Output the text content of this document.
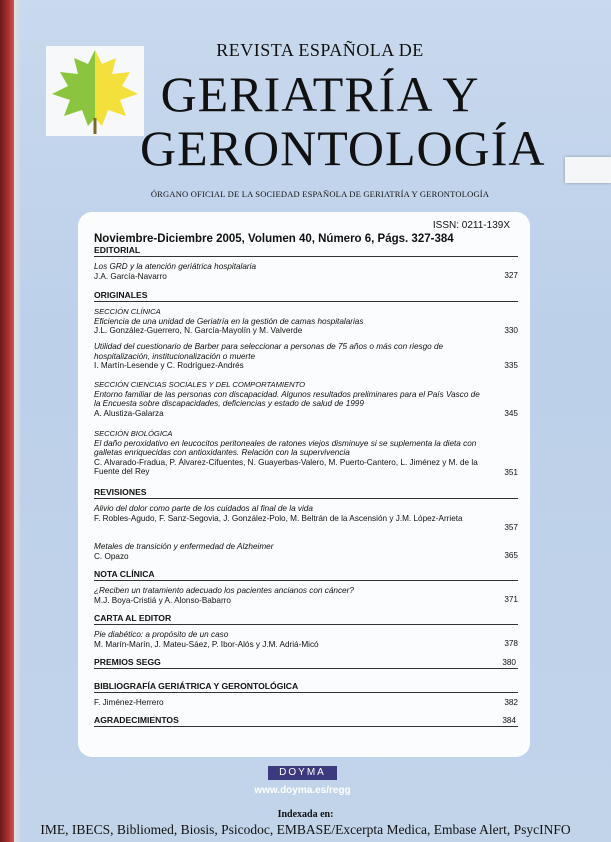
REVISTA ESPAÑOLA DE
GERIATRÍA Y
GERONTOLOGÍA
ÓRGANO OFICIAL DE LA SOCIEDAD ESPAÑOLA DE GERIATRÍA Y GERONTOLOGÍA
ISSN: 0211-139X
Noviembre-Diciembre 2005, Volumen 40, Número 6, Págs. 327-384
EDITORIAL
Los GRD y la atención geriátrica hospitalaria
J.A. García-Navarro	327
ORIGINALES
SECCIÓN CLÍNICA
Eficiencia de una unidad de Geriatría en la gestión de camas hospitalarias
J.L. González-Guerrero, N. García-Mayolín y M. Valverde	330
Utilidad del cuestionario de Barber para seleccionar a personas de 75 años o más con riesgo de hospitalización, institucionalización o muerte
I. Martín-Lesende y C. Rodríguez-Andrés	335
SECCIÓN CIENCIAS SOCIALES Y DEL COMPORTAMIENTO
Entorno familiar de las personas con discapacidad. Algunos resultados preliminares para el País Vasco de la Encuesta sobre discapacidades, deficiencias y estado de salud de 1999
A. Alustiza-Galarza	345
SECCIÓN BIOLÓGICA
El daño peroxidativo en leucocitos peritoneales de ratones viejos disminuye si se suplementa la dieta con galletas enriquecidas con antioxidantes. Relación con la supervivencia
C. Alvarado-Fradua, P. Álvarez-Cifuentes, N. Guayerbas-Valero, M. Puerto-Cantero, L. Jiménez y M. de la Fuente del Rey	351
REVISIONES
Alivio del dolor como parte de los cuidados al final de la vida
F. Robles-Agudo, F. Sanz-Segovia, J. González-Polo, M. Beltrán de la Ascensión y J.M. López-Arrieta
357
Metales de transición y enfermedad de Alzheimer
C. Opazo	365
NOTA CLÍNICA
¿Reciben un tratamiento adecuado los pacientes ancianos con cáncer?
M.J. Boya-Cristiá y A. Alonso-Babarro	371
CARTA AL EDITOR
Pie diabético: a propósito de un caso
M. Marín-Marín, J. Mateu-Sáez, P. Ibor-Alós y J.M. Adriá-Micó	378
PREMIOS SEGG	380
BIBLIOGRAFÍA GERIÁTRICA Y GERONTOLÓGICA
F. Jiménez-Herrero	382
AGRADECIMIENTOS	384
DOYMA
www.doyma.es/regg
Indexada en:
IME, IBECS, Bibliomed, Biosis, Psicodoc, EMBASE/Excerpta Medica, Embase Alert, PsycINFO
